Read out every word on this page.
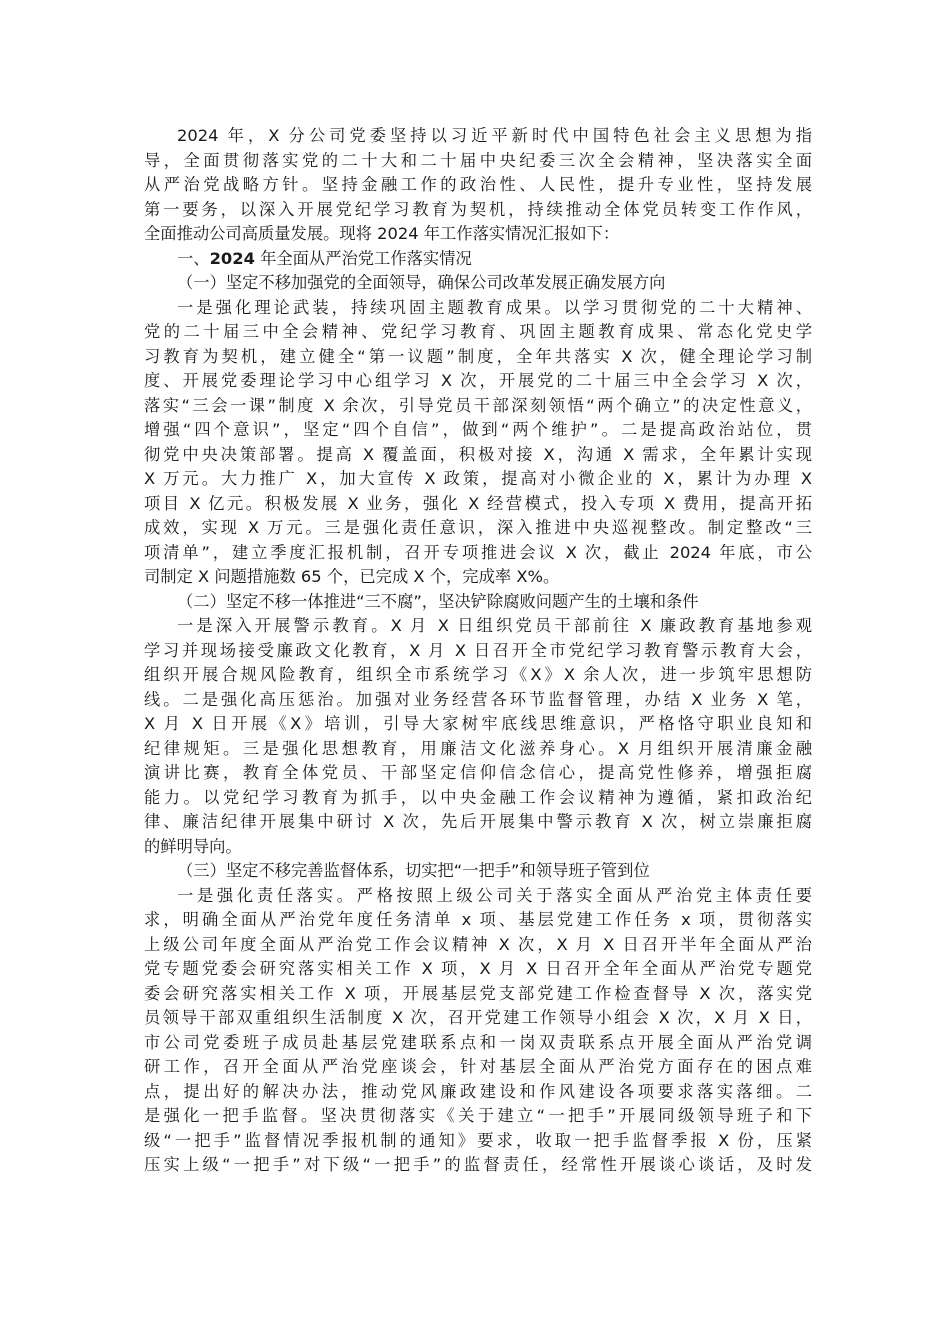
2024 年，X 分公司党委坚持以习近平新时代中国特色社会主义思想为指
导，全面贯彻落实党的二十大和二十届中央纪委三次全会精神，坚决落实全面
从严治党战略方针。坚持金融工作的政治性、人民性，提升专业性，坚持发展
第一要务，以深入开展党纪学习教育为契机，持续推动全体党员转变工作作风，
全面推动公司高质量发展。现将 2024 年工作落实情况汇报如下：
一、2024 年全面从严治党工作落实情况
（一）坚定不移加强党的全面领导，确保公司改革发展正确发展方向
一是强化理论武装，持续巩固主题教育成果。以学习贯彻党的二十大精神、
党的二十届三中全会精神、党纪学习教育、巩固主题教育成果、常态化党史学
习教育为契机，建立健全“第一议题”制度，全年共落实 X 次，健全理论学习制
度、开展党委理论学习中心组学习 X 次，开展党的二十届三中全会学习 X 次，
落实“三会一课”制度 X 余次，引导党员干部深刻领悟“两个确立”的决定性意义，
增强“四个意识”，坚定“四个自信”，做到“两个维护”。二是提高政治站位，贯
彻党中央决策部署。提高 X 覆盖面，积极对接 X，沟通 X 需求，全年累计实现
X 万元。大力推广 X，加大宣传 X 政策，提高对小微企业的 X，累计为办理 X
项目 X 亿元。积极发展 X 业务，强化 X 经营模式，投入专项 X 费用，提高开拓
成效，实现 X 万元。三是强化责任意识，深入推进中央巡视整改。制定整改“三
项清单”，建立季度汇报机制，召开专项推进会议 X 次，截止 2024 年底，市公
司制定 X 问题措施数 65 个，已完成 X 个，完成率 X%。
（二）坚定不移一体推进“三不腐”，坚决铲除腐败问题产生的土壤和条件
一是深入开展警示教育。X 月 X 日组织党员干部前往 X 廉政教育基地参观
学习并现场接受廉政文化教育，X 月 X 日召开全市党纪学习教育警示教育大会，
组织开展合规风险教育，组织全市系统学习《X》X 余人次，进一步筑牢思想防
线。二是强化高压惩治。加强对业务经营各环节监督管理，办结 X 业务 X 笔，
X 月 X 日开展《X》培训，引导大家树牢底线思维意识，严格恪守职业良知和
纪律规矩。三是强化思想教育，用廉洁文化滋养身心。X 月组织开展清廉金融
演讲比赛，教育全体党员、干部坚定信仰信念信心，提高党性修养，增强拒腐
能力。以党纪学习教育为抓手，以中央金融工作会议精神为遵循，紧扣政治纪
律、廉洁纪律开展集中研讨 X 次，先后开展集中警示教育 X 次，树立崇廉拒腐
的鲜明导向。
（三）坚定不移完善监督体系，切实把“一把手”和领导班子管到位
一是强化责任落实。严格按照上级公司关于落实全面从严治党主体责任要
求，明确全面从严治党年度任务清单 x 项、基层党建工作任务 x 项，贯彻落实
上级公司年度全面从严治党工作会议精神 X 次，X 月 X 日召开半年全面从严治
党专题党委会研究落实相关工作 X 项，X 月 X 日召开全年全面从严治党专题党
委会研究落实相关工作 X 项，开展基层党支部党建工作检查督导 X 次，落实党
员领导干部双重组织生活制度 X 次，召开党建工作领导小组会 X 次，X 月 X 日，
市公司党委班子成员赴基层党建联系点和一岗双责联系点开展全面从严治党调
研工作，召开全面从严治党座谈会，针对基层全面从严治党方面存在的困点难
点，提出好的解决办法，推动党风廉政建设和作风建设各项要求落实落细。二
是强化一把手监督。坚决贯彻落实《关于建立“一把手”开展同级领导班子和下
级“一把手”监督情况季报机制的通知》要求，收取一把手监督季报 X 份，压紧
压实上级“一把手”对下级“一把手”的监督责任，经常性开展谈心谈话，及时发
